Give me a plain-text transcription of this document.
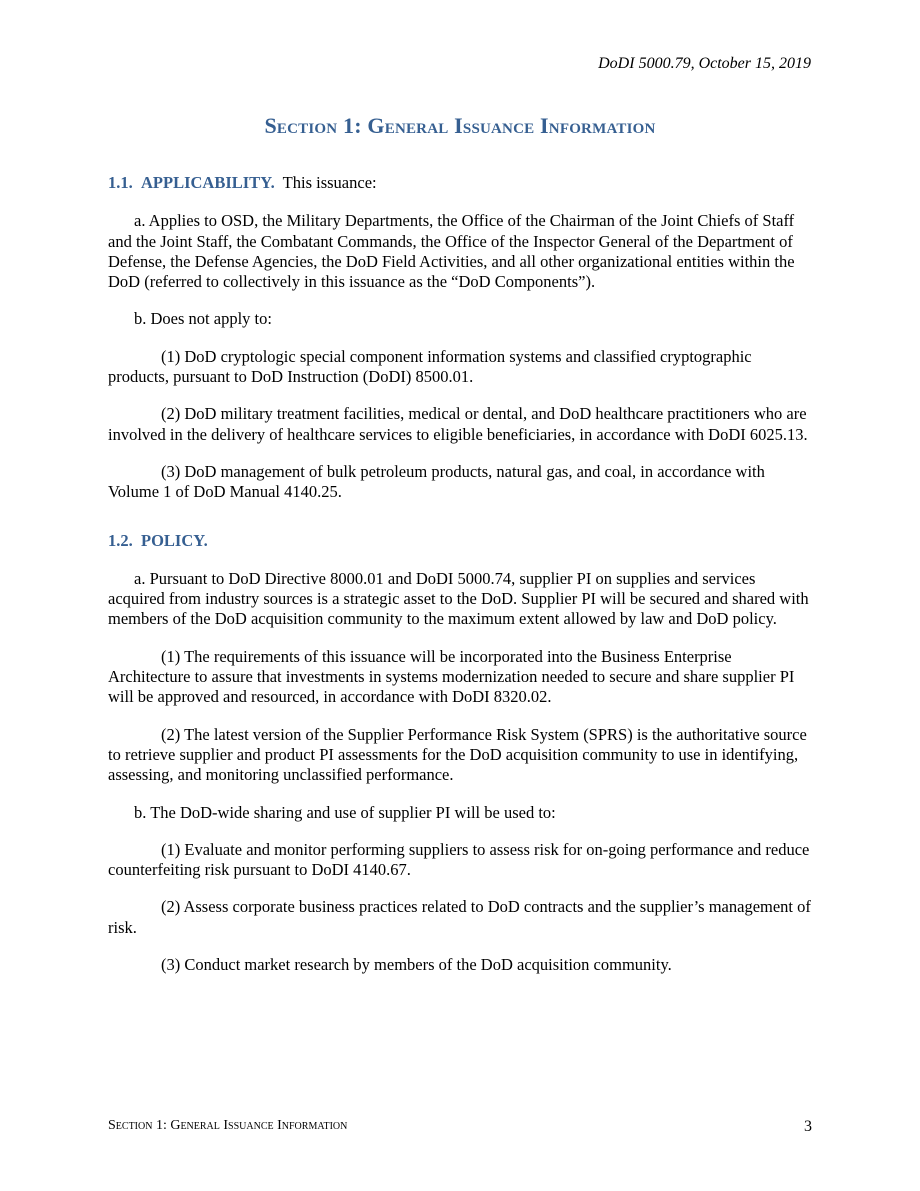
DoDI 5000.79, October 15, 2019
Section 1: General Issuance Information

1.1. APPLICABILITY. This issuance:

a. Applies to OSD, the Military Departments, the Office of the Chairman of the Joint Chiefs of Staff and the Joint Staff, the Combatant Commands, the Office of the Inspector General of the Department of Defense, the Defense Agencies, the DoD Field Activities, and all other organizational entities within the DoD (referred to collectively in this issuance as the “DoD Components”).

b. Does not apply to:

(1) DoD cryptologic special component information systems and classified cryptographic products, pursuant to DoD Instruction (DoDI) 8500.01.

(2) DoD military treatment facilities, medical or dental, and DoD healthcare practitioners who are involved in the delivery of healthcare services to eligible beneficiaries, in accordance with DoDI 6025.13.

(3) DoD management of bulk petroleum products, natural gas, and coal, in accordance with Volume 1 of DoD Manual 4140.25.

1.2. POLICY.

a. Pursuant to DoD Directive 8000.01 and DoDI 5000.74, supplier PI on supplies and services acquired from industry sources is a strategic asset to the DoD. Supplier PI will be secured and shared with members of the DoD acquisition community to the maximum extent allowed by law and DoD policy.

(1) The requirements of this issuance will be incorporated into the Business Enterprise Architecture to assure that investments in systems modernization needed to secure and share supplier PI will be approved and resourced, in accordance with DoDI 8320.02.

(2) The latest version of the Supplier Performance Risk System (SPRS) is the authoritative source to retrieve supplier and product PI assessments for the DoD acquisition community to use in identifying, assessing, and monitoring unclassified performance.

b. The DoD-wide sharing and use of supplier PI will be used to:

(1) Evaluate and monitor performing suppliers to assess risk for on-going performance and reduce counterfeiting risk pursuant to DoDI 4140.67.

(2) Assess corporate business practices related to DoD contracts and the supplier’s management of risk.

(3) Conduct market research by members of the DoD acquisition community.

Section 1: General Issuance Information	3
